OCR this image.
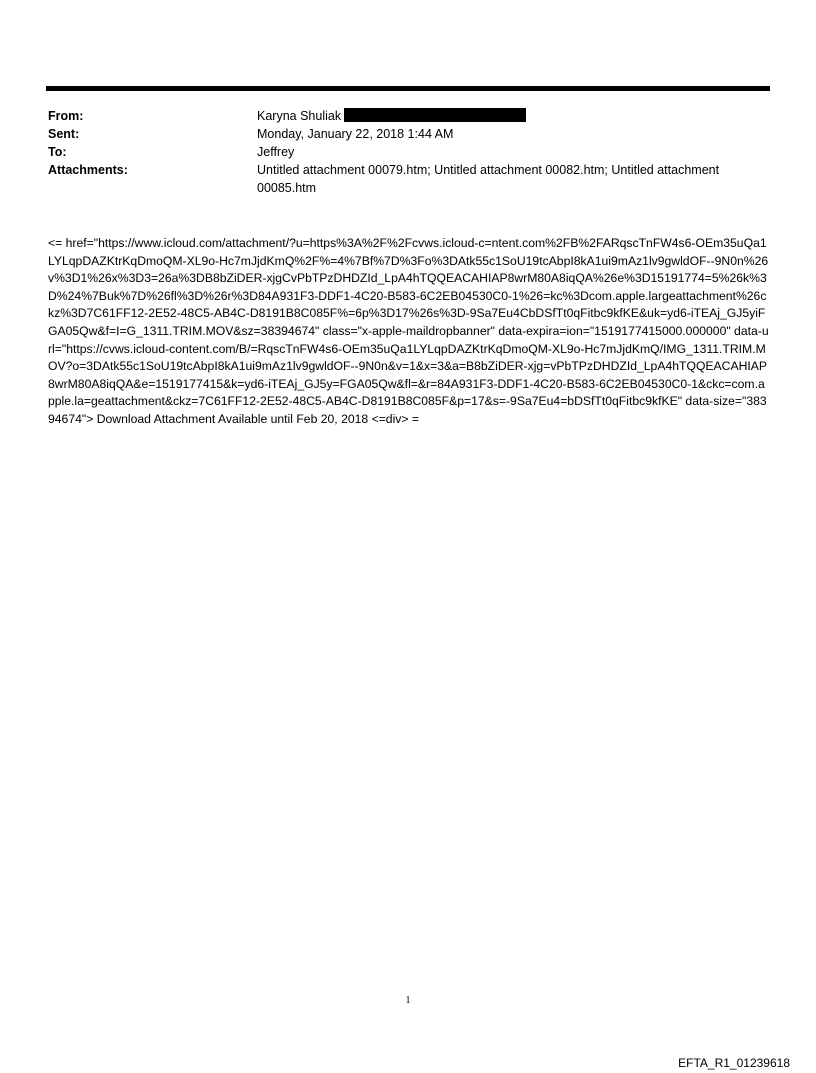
From:	Karyna Shuliak
Sent:	Monday, January 22, 2018 1:44 AM
To:	Jeffrey
Attachments:	Untitled attachment 00079.htm; Untitled attachment 00082.htm; Untitled attachment 00085.htm
<= href="https://www.icloud.com/attachment/?u=https%3A%2F%2Fcvws.icloud-c=ntent.com%2FB%2FARqscTnFW4s6-OEm35uQa1LYLqpDAZKtrKqDmoQM-XL9o-Hc7mJjdKmQ%2F%=4%7Bf%7D%3Fo%3DAtk55c1SoU19tcAbpI8kA1ui9mAz1lv9gwldOF--9N0n%26v%3D1%26x%3D3=26a%3DB8bZiDER-xjgCvPbTPzDHDZId_LpA4hTQQEACAHIAP8wrM80A8iqQA%26e%3D15191774=5%26k%3D%24%7Buk%7D%26fl%3D%26r%3D84A931F3-DDF1-4C20-B583-6C2EB04530C0-1%26=kc%3Dcom.apple.largeattachment%26ckz%3D7C61FF12-2E52-48C5-AB4C-D8191B8C085F%=6p%3D17%26s%3D-9Sa7Eu4CbDSfTt0qFitbc9kfKE&uk=yd6-iTEAj_GJ5yiFGA05Qw&f=I=G_1311.TRIM.MOV&sz=38394674" class="x-apple-maildropbanner" data-expira=ion="1519177415000.000000" data-url="https://cvws.icloud-content.com/B/=RqscTnFW4s6-OEm35uQa1LYLqpDAZKtrKqDmoQM-XL9o-Hc7mJjdKmQ/IMG_1311.TRIM.MOV?o=3DAtk55c1SoU19tcAbpI8kA1ui9mAz1lv9gwldOF--9N0n&v=1&x=3&a=B8bZiDER-xjg=vPbTPzDHDZId_LpA4hTQQEACAHIAP8wrM80A8iqQA&e=1519177415&k=yd6-iTEAj_GJ5y=FGA05Qw&fl=&r=84A931F3-DDF1-4C20-B583-6C2EB04530C0-1&ckc=com.apple.la=geattachment&ckz=7C61FF12-2E52-48C5-AB4C-D8191B8C085F&p=17&s=-9Sa7Eu4=bDSfTt0qFitbc9kfKE" data-size="38394674"> Download Attachment Available until Feb 20, 2018 <=div> =
1
EFTA_R1_01239618
